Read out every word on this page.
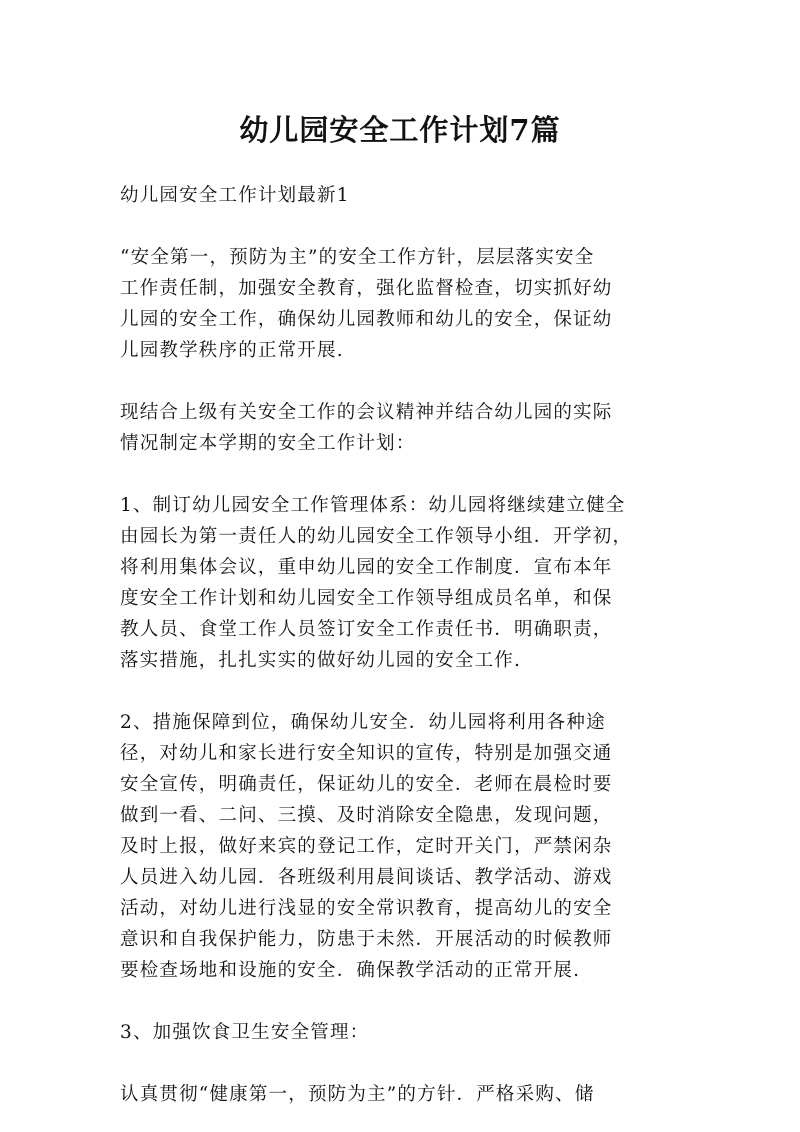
幼儿园安全工作计划7篇
幼儿园安全工作计划最新1
“安全第一，预防为主”的安全工作方针，层层落实安全
工作责任制，加强安全教育，强化监督检查，切实抓好幼
儿园的安全工作，确保幼儿园教师和幼儿的安全，保证幼
儿园教学秩序的正常开展.
现结合上级有关安全工作的会议精神并结合幼儿园的实际
情况制定本学期的安全工作计划：
1、制订幼儿园安全工作管理体系：幼儿园将继续建立健全
由园长为第一责任人的幼儿园安全工作领导小组．开学初，
将利用集体会议，重申幼儿园的安全工作制度．宣布本年
度安全工作计划和幼儿园安全工作领导组成员名单，和保
教人员、食堂工作人员签订安全工作责任书．明确职责，
落实措施，扎扎实实的做好幼儿园的安全工作.
2、措施保障到位，确保幼儿安全．幼儿园将利用各种途
径，对幼儿和家长进行安全知识的宣传，特别是加强交通
安全宣传，明确责任，保证幼儿的安全．老师在晨检时要
做到一看、二问、三摸、及时消除安全隐患，发现问题，
及时上报，做好来宾的登记工作，定时开关门，严禁闲杂
人员进入幼儿园．各班级利用晨间谈话、教学活动、游戏
活动，对幼儿进行浅显的安全常识教育，提高幼儿的安全
意识和自我保护能力，防患于未然．开展活动的时候教师
要检查场地和设施的安全．确保教学活动的正常开展.
3、加强饮食卫生安全管理：
认真贯彻“健康第一，预防为主”的方针．严格采购、储
